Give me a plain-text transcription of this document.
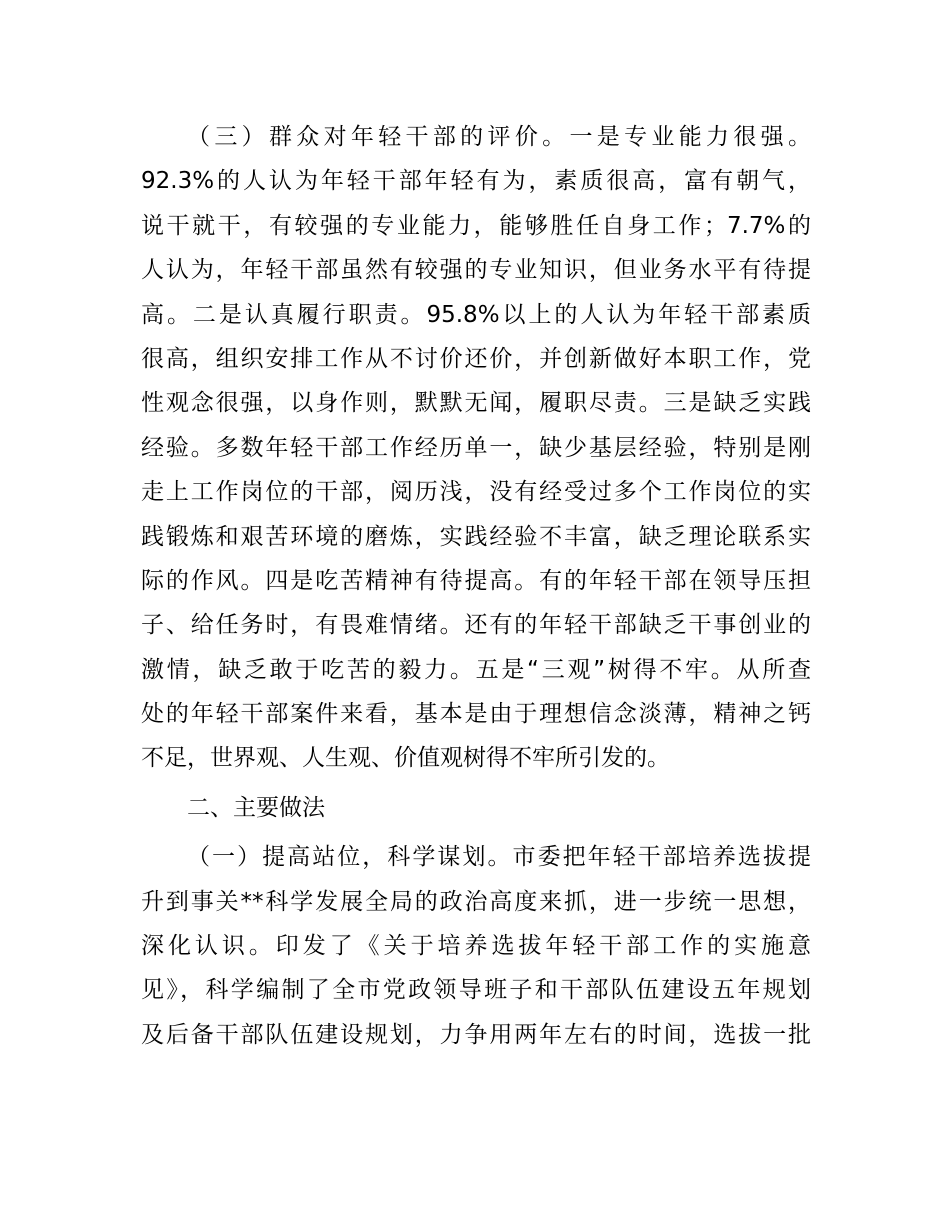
（三）群众对年轻干部的评价。一是专业能力很强。
92.3%的人认为年轻干部年轻有为，素质很高，富有朝气，
说干就干，有较强的专业能力，能够胜任自身工作；7.7%的
人认为，年轻干部虽然有较强的专业知识，但业务水平有待提
高。二是认真履行职责。95.8%以上的人认为年轻干部素质
很高，组织安排工作从不讨价还价，并创新做好本职工作，党
性观念很强，以身作则，默默无闻，履职尽责。三是缺乏实践
经验。多数年轻干部工作经历单一，缺少基层经验，特别是刚
走上工作岗位的干部，阅历浅，没有经受过多个工作岗位的实
践锻炼和艰苦环境的磨炼，实践经验不丰富，缺乏理论联系实
际的作风。四是吃苦精神有待提高。有的年轻干部在领导压担
子、给任务时，有畏难情绪。还有的年轻干部缺乏干事创业的
激情，缺乏敢于吃苦的毅力。五是“三观”树得不牢。从所查
处的年轻干部案件来看，基本是由于理想信念淡薄，精神之钙
不足，世界观、人生观、价值观树得不牢所引发的。
二、主要做法
（一）提高站位，科学谋划。市委把年轻干部培养选拔提
升到事关**科学发展全局的政治高度来抓，进一步统一思想，
深化认识。印发了《关于培养选拔年轻干部工作的实施意
见》，科学编制了全市党政领导班子和干部队伍建设五年规划
及后备干部队伍建设规划，力争用两年左右的时间，选拔一批
